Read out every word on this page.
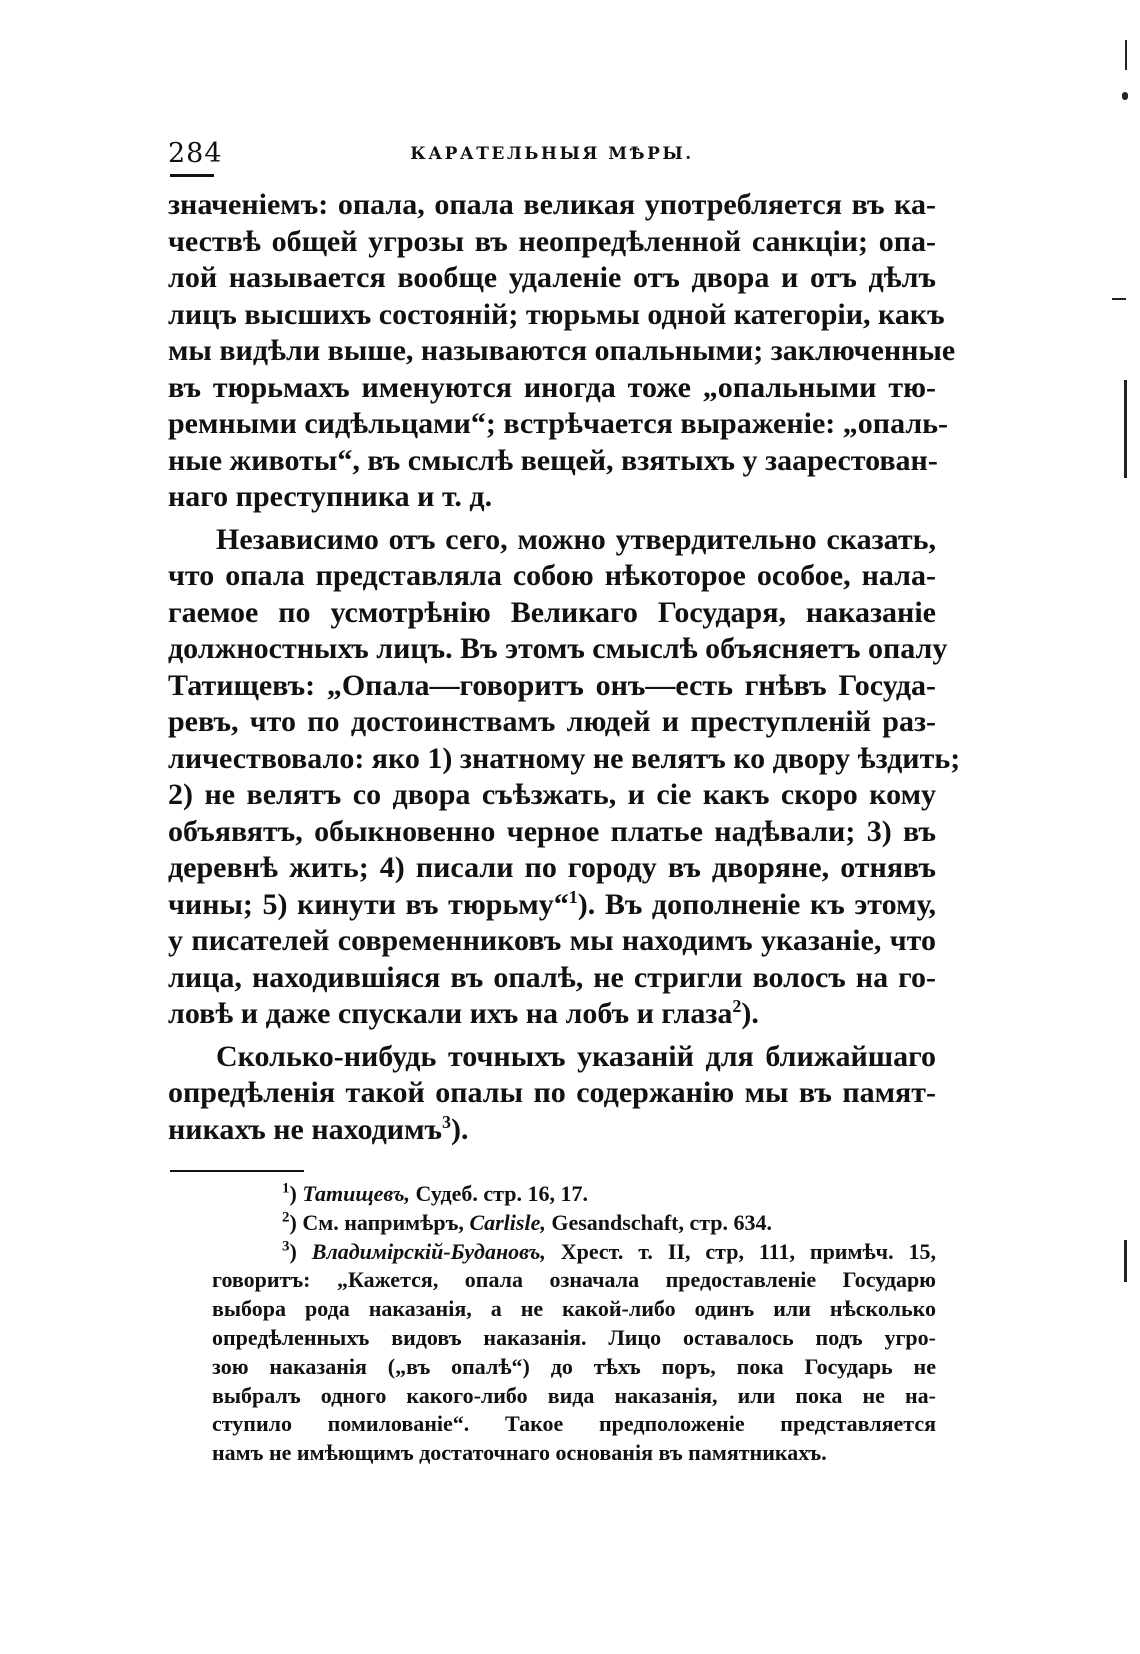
284	КАРАТЕЛЬНЫЯ МѢРЫ.

значеніемъ: опала, опала великая употребляется въ ка-
чествѣ общей угрозы въ неопредѣленной санкціи; опа-
лой называется вообще удаленіе отъ двора и отъ дѣлъ
лицъ высшихъ состояній; тюрьмы одной категоріи, какъ
мы видѣли выше, называются опальными; заключенные
въ тюрьмахъ именуются иногда тоже „опальными тю-
ремными сидѣльцами“; встрѣчается выраженіе: „опаль-
ные животы“, въ смыслѣ вещей, взятыхъ у заарестован-
наго преступника и т. д.

Независимо отъ сего, можно утвердительно сказать,
что опала представляла собою нѣкоторое особое, нала-
гаемое по усмотрѣнію Великаго Государя, наказаніе
должностныхъ лицъ. Въ этомъ смыслѣ объясняетъ опалу
Татищевъ: „Опала—говоритъ онъ—есть гнѣвъ Госуда-
ревъ, что по достоинствамъ людей и преступленій раз-
личествовало: яко 1) знатному не велятъ ко двору ѣздить;
2) не велятъ со двора съѣзжать, и сіе какъ скоро кому
объявятъ, обыкновенно черное платье надѣвали; 3) въ
деревнѣ жить; 4) писали по городу въ дворяне, отнявъ
чины; 5) кинути въ тюрьму“$^1$). Въ дополненіе къ этому,
у писателей современниковъ мы находимъ указаніе, что
лица, находившіяся въ опалѣ, не стригли волосъ на го-
ловѣ и даже спускали ихъ на лобъ и глаза$^2$).

Сколько-нибудь точныхъ указаній для ближайшаго
опредѣленія такой опалы по содержанію мы въ памят-
никахъ не находимъ$^3$).

$^1$) Татищевъ, Судеб. стр. 16, 17.

$^2$) См. напримѣръ, Carlisle, Gesandschaft, стр. 634.

$^3$) Владимірскій-Будановъ, Хрест. т. II, стр, 111, примѣч. 15,
говоритъ: „Кажется, опала означала предоставленіе Государю
выбора рода наказанія, а не какой-либо одинъ или нѣсколько
опредѣленныхъ видовъ наказанія. Лицо оставалось подъ угро-
зою наказанія („въ опалѣ“) до тѣхъ поръ, пока Государь не
выбралъ одного какого-либо вида наказанія, или пока не на-
ступило помилованіе“. Такое предположеніе представляется
намъ не имѣющимъ достаточнаго основанія въ памятникахъ.
